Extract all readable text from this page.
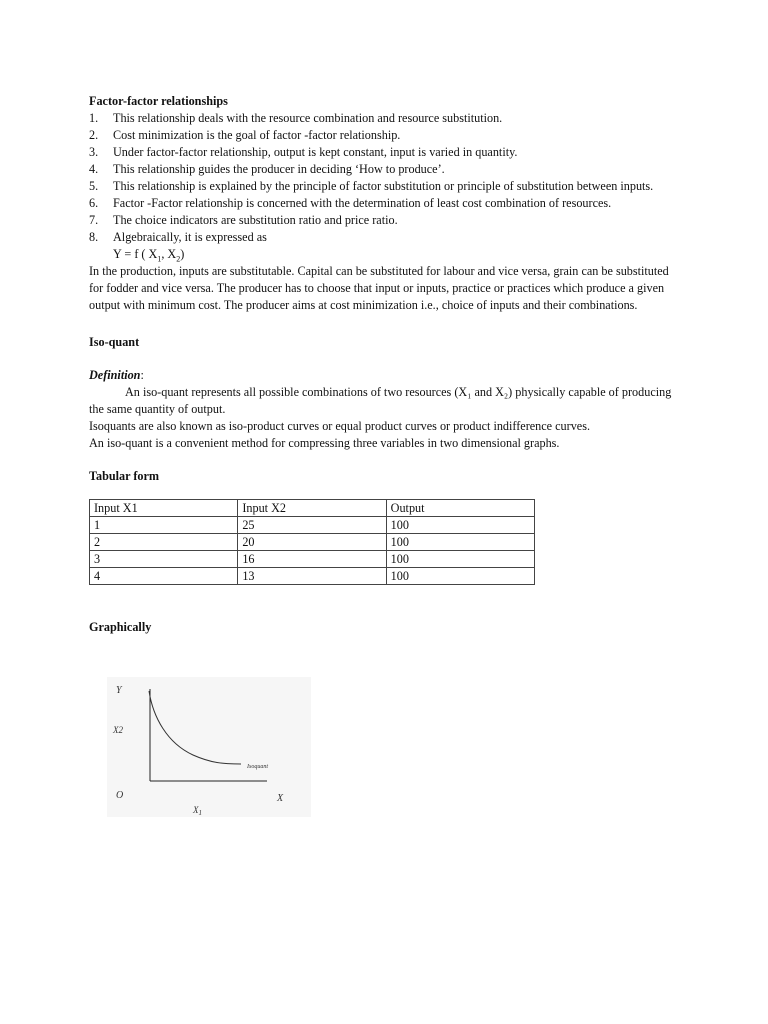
Factor-factor relationships

1. This relationship deals with the resource combination and resource substitution.
2. Cost minimization is the goal of factor -factor relationship.
3. Under factor-factor relationship, output is kept constant, input is varied in quantity.
4. This relationship guides the producer in deciding ‘How to produce’.
5. This relationship is explained by the principle of factor substitution or principle of substitution between inputs.
6. Factor -Factor relationship is concerned with the determination of least cost combination of resources.
7. The choice indicators are substitution ratio and price ratio.
8. Algebraically, it is expressed as
Y = f ( $X_1$, $X_2$)

In the production, inputs are substitutable. Capital can be substituted for labour and vice versa, grain can be substituted for fodder and vice versa. The producer has to choose that input or inputs, practice or practices which produce a given output with minimum cost. The producer aims at cost minimization i.e., choice of inputs and their combinations.

Iso-quant

Definition:
An iso-quant represents all possible combinations of two resources (X₁ and X₂) physically capable of producing the same quantity of output.

Isoquants are also known as iso-product curves or equal product curves or product indifference curves.

An iso-quant is a convenient method for compressing three variables in two dimensional graphs.

Tabular form

Input X1	Input X2	Output
1	25	100
2	20	100
3	16	100
4	13	100

Graphically

Y
X2
O	X
$X_1$
Isoquant
